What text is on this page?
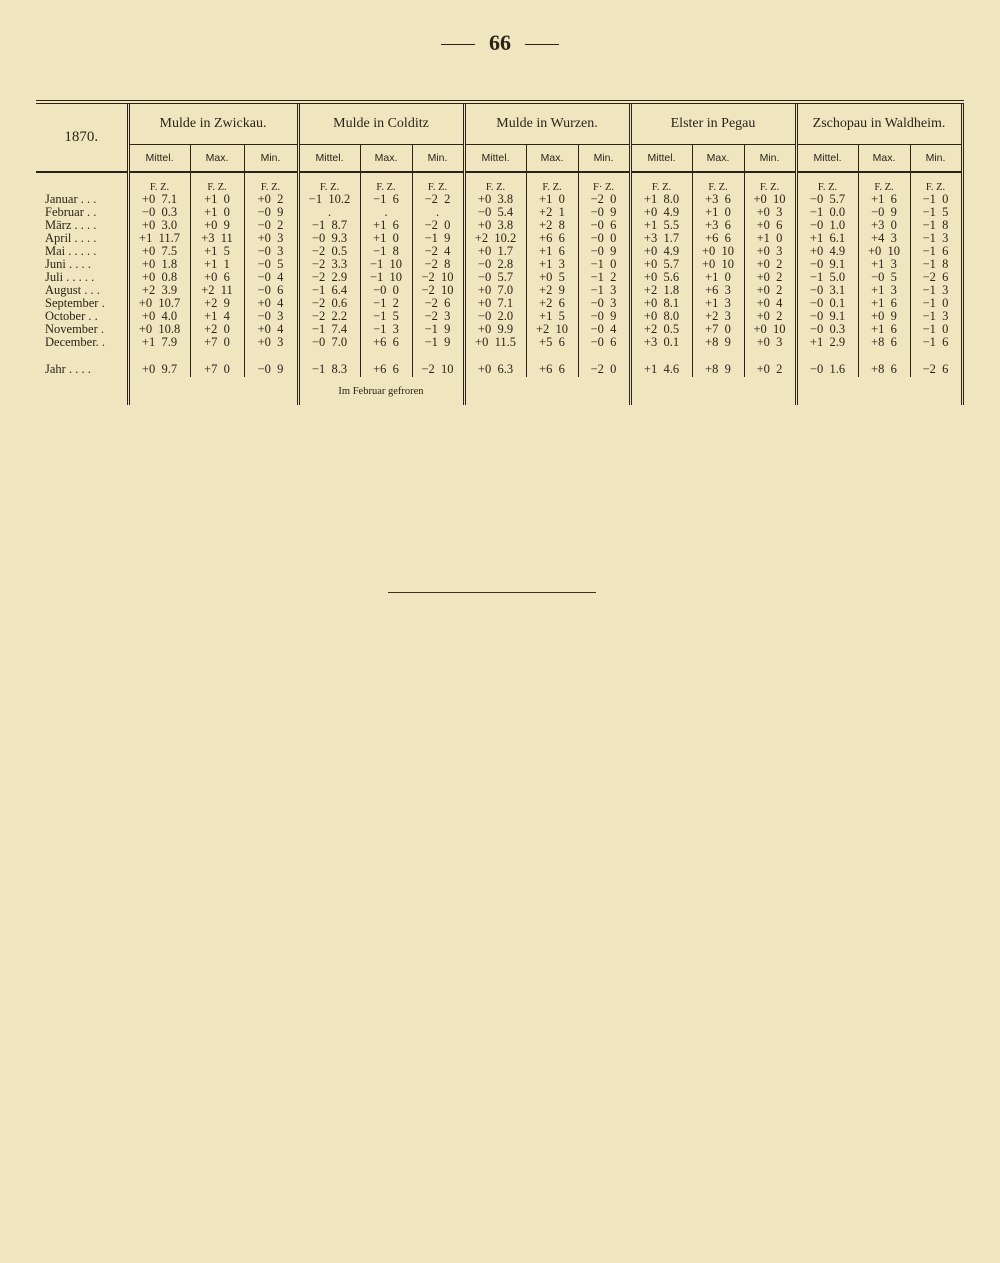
66
1870.	Mulde in Zwickau.			Mulde in Colditz			Mulde in Wurzen.			Elster in Pegau			Zschopau in Waldheim.		
	Mittel.	Max.	Min.	Mittel.	Max.	Min.	Mittel.	Max.	Min.	Mittel.	Max.	Min.	Mittel.	Max.	Min.
	F. Z.	F. Z.	F. Z.	F. Z.	F. Z.	F. Z.	F. Z.	F. Z.	F· Z.	F. Z.	F. Z.	F. Z.	F. Z.	F. Z.	F. Z.
Januar . . .	+0  7.1	+1  0	+0  2	−1  10.2	−1  6	−2  2	+0  3.8	+1  0	−2  0	+1  8.0	+3  6	+0  10	−0  5.7	+1  6	−1  0
Februar . .	−0  0.3	+1  0	−0  9	.	.	.	−0  5.4	+2  1	−0  9	+0  4.9	+1  0	+0  3	−1  0.0	−0  9	−1  5
März . . . .	+0  3.0	+0  9	−0  2	−1  8.7	+1  6	−2  0	+0  3.8	+2  8	−0  6	+1  5.5	+3  6	+0  6	−0  1.0	+3  0	−1  8
April . . . .	+1  11.7	+3  11	+0  3	−0  9.3	+1  0	−1  9	+2  10.2	+6  6	−0  0	+3  1.7	+6  6	+1  0	+1  6.1	+4  3	−1  3
Mai . . . . .	+0  7.5	+1  5	−0  3	−2  0.5	−1  8	−2  4	+0  1.7	+1  6	−0  9	+0  4.9	+0  10	+0  3	+0  4.9	+0  10	−1  6
Juni . . . .	+0  1.8	+1  1	−0  5	−2  3.3	−1  10	−2  8	−0  2.8	+1  3	−1  0	+0  5.7	+0  10	+0  2	−0  9.1	+1  3	−1  8
Juli . . . . .	+0  0.8	+0  6	−0  4	−2  2.9	−1  10	−2  10	−0  5.7	+0  5	−1  2	+0  5.6	+1  0	+0  2	−1  5.0	−0  5	−2  6
August . . .	+2  3.9	+2  11	−0  6	−1  6.4	−0  0	−2  10	+0  7.0	+2  9	−1  3	+2  1.8	+6  3	+0  2	−0  3.1	+1  3	−1  3
September .	+0  10.7	+2  9	+0  4	−2  0.6	−1  2	−2  6	+0  7.1	+2  6	−0  3	+0  8.1	+1  3	+0  4	−0  0.1	+1  6	−1  0
October . .	+0  4.0	+1  4	−0  3	−2  2.2	−1  5	−2  3	−0  2.0	+1  5	−0  9	+0  8.0	+2  3	+0  2	−0  9.1	+0  9	−1  3
November .	+0  10.8	+2  0	+0  4	−1  7.4	−1  3	−1  9	+0  9.9	+2  10	−0  4	+2  0.5	+7  0	+0  10	−0  0.3	+1  6	−1  0
December. .	+1  7.9	+7  0	+0  3	−0  7.0	+6  6	−1  9	+0  11.5	+5  6	−0  6	+3  0.1	+8  9	+0  3	+1  2.9	+8  6	−1  6

Jahr . . . .	+0  9.7	+7  0	−0  9	−1  8.3	+6  6	−2  10	+0  6.3	+6  6	−2  0	+1  4.6	+8  9	+0  2	−0  1.6	+8  6	−2  6
				Im Februar gefroren											
